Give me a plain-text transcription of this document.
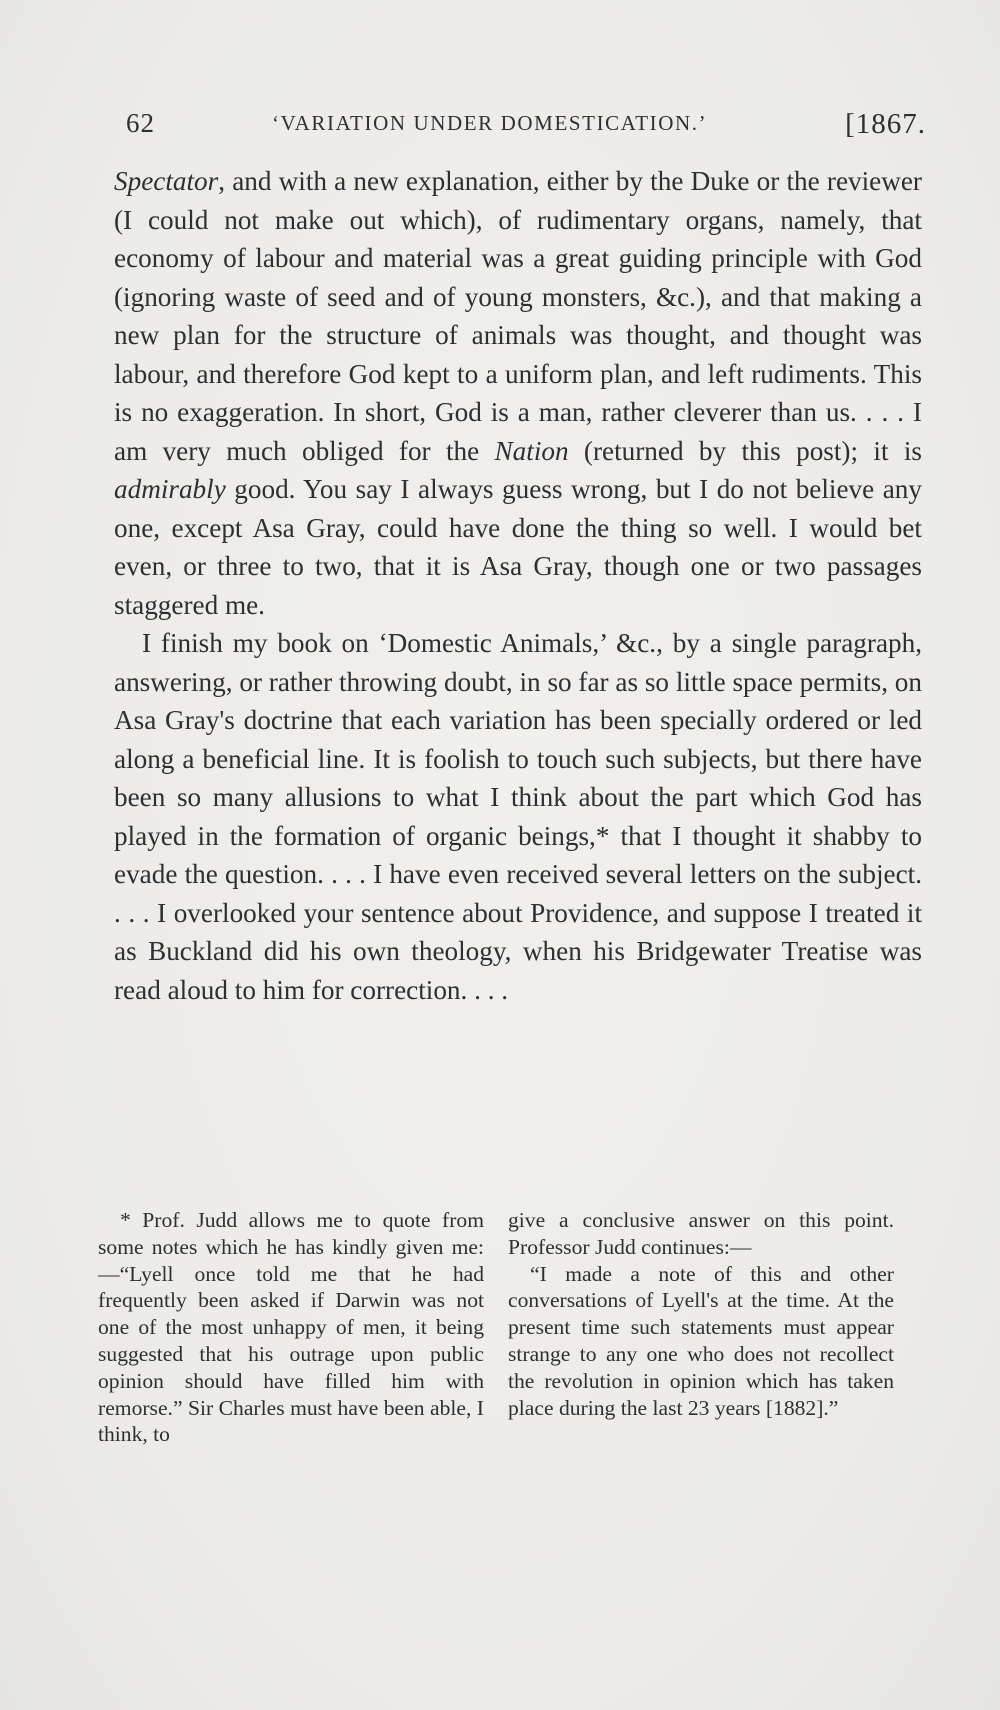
62	‘VARIATION UNDER DOMESTICATION.’	[1867.

Spectator, and with a new explanation, either by the Duke or the reviewer (I could not make out which), of rudimentary organs, namely, that economy of labour and material was a great guiding principle with God (ignoring waste of seed and of young monsters, &c.), and that making a new plan for the structure of animals was thought, and thought was labour, and therefore God kept to a uniform plan, and left rudiments. This is no exaggeration. In short, God is a man, rather cleverer than us. . . . I am very much obliged for the Nation (returned by this post); it is admirably good. You say I always guess wrong, but I do not believe any one, except Asa Gray, could have done the thing so well. I would bet even, or three to two, that it is Asa Gray, though one or two passages staggered me.

I finish my book on ‘Domestic Animals,’ &c., by a single paragraph, answering, or rather throwing doubt, in so far as so little space permits, on Asa Gray's doctrine that each variation has been specially ordered or led along a beneficial line. It is foolish to touch such subjects, but there have been so many allusions to what I think about the part which God has played in the formation of organic beings,* that I thought it shabby to evade the question. . . . I have even received several letters on the subject. . . . I overlooked your sentence about Providence, and suppose I treated it as Buckland did his own theology, when his Bridgewater Treatise was read aloud to him for correction. . . .

* Prof. Judd allows me to quote from some notes which he has kindly given me:—“Lyell once told me that he had frequently been asked if Darwin was not one of the most unhappy of men, it being suggested that his outrage upon public opinion should have filled him with remorse.” Sir Charles must have been able, I think, to

give a conclusive answer on this point. Professor Judd continues:—

“I made a note of this and other conversations of Lyell's at the time. At the present time such statements must appear strange to any one who does not recollect the revolution in opinion which has taken place during the last 23 years [1882].”
